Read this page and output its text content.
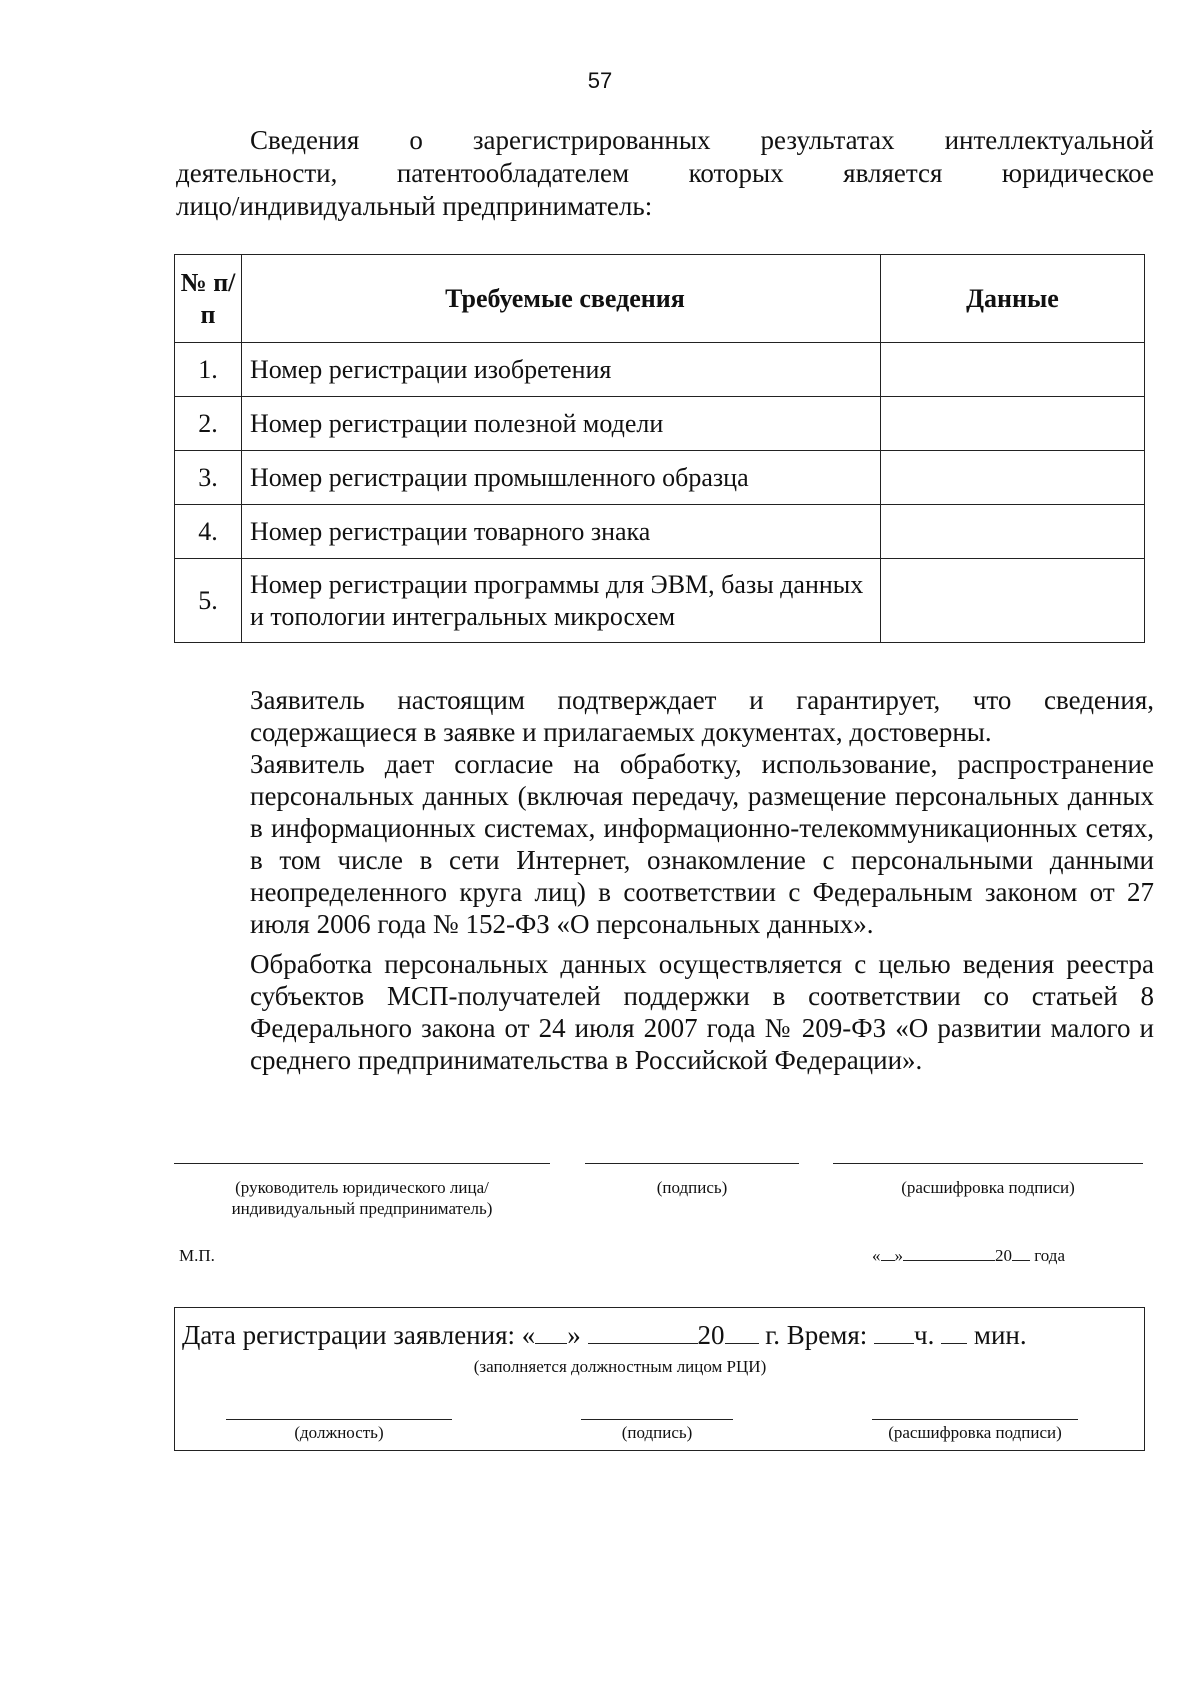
57
Сведения о зарегистрированных результатах интеллектуальной
деятельности, патентообладателем которых является юридическое
лицо/индивидуальный предприниматель:
№ п/п	Требуемые сведения	Данные
1.	Номер регистрации изобретения	
2.	Номер регистрации полезной модели	
3.	Номер регистрации промышленного образца	
4.	Номер регистрации товарного знака	
5.	Номер регистрации программы для ЭВМ, базы данных и топологии интегральных микросхем	
Заявитель настоящим подтверждает и гарантирует, что сведения, содержащиеся в заявке и прилагаемых документах, достоверны.
Заявитель дает согласие на обработку, использование, распространение персональных данных (включая передачу, размещение персональных данных в информационных системах, информационно-телекоммуникационных сетях, в том числе в сети Интернет, ознакомление с персональными данными неопределенного круга лиц) в соответствии с Федеральным законом от 27 июля 2006 года № 152-ФЗ «О персональных данных».
Обработка персональных данных осуществляется с целью ведения реестра субъектов МСП-получателей поддержки в соответствии со статьей 8 Федерального закона от 24 июля 2007 года № 209-ФЗ «О развитии малого и среднего предпринимательства в Российской Федерации».
(руководитель юридического лица/ индивидуальный предприниматель)
(подпись)	(расшифровка подписи)
М.П.	« »	20 года
Дата регистрации заявления: « »	20 г. Время: ч. мин.
(заполняется должностным лицом РЦИ)
(должность)	(подпись)	(расшифровка подписи)
